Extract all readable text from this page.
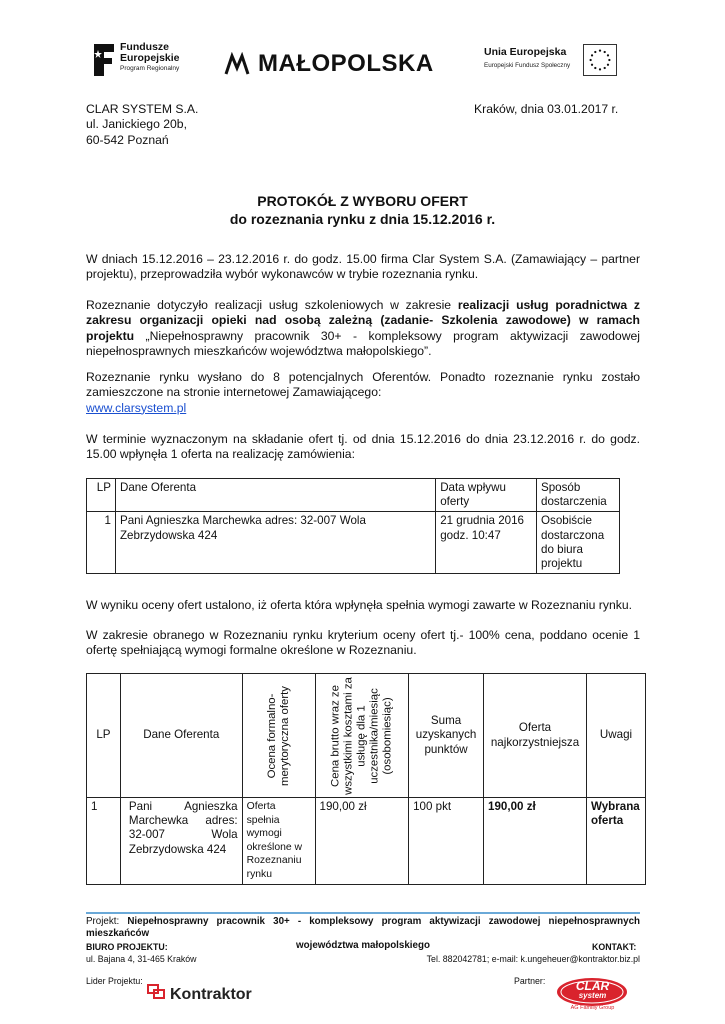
Fundusze
Europejskie
Program Regionalny	MAŁOPOLSKA	Unia Europejska
Europejski Fundusz Społeczny
CLAR SYSTEM S.A.
ul. Janickiego 20b,
60-542 Poznań
Kraków, dnia 03.01.2017 r.
PROTOKÓŁ Z WYBORU OFERT
do rozeznania rynku z dnia 15.12.2016 r.
W dniach 15.12.2016 – 23.12.2016 r. do godz. 15.00 firma Clar System S.A. (Zamawiający – partner projektu), przeprowadziła wybór wykonawców w trybie rozeznania rynku.
Rozeznanie dotyczyło realizacji usług szkoleniowych w zakresie realizacji usług poradnictwa z zakresu organizacji opieki nad osobą zależną (zadanie- Szkolenia zawodowe) w ramach projektu „Niepełnosprawny pracownik 30+ - kompleksowy program aktywizacji zawodowej niepełnosprawnych mieszkańców województwa małopolskiego”.
Rozeznanie rynku wysłano do 8 potencjalnych Oferentów. Ponadto rozeznanie rynku zostało zamieszczone na stronie internetowej Zamawiającego:
www.clarsystem.pl
W terminie wyznaczonym na składanie ofert tj. od dnia 15.12.2016 do dnia 23.12.2016 r. do godz. 15.00 wpłynęła 1 oferta na realizację zamówienia:
LP	Dane Oferenta	Data wpływu oferty	Sposób dostarczenia
1	Pani Agnieszka Marchewka adres: 32-007 Wola Zebrzydowska 424	21 grudnia 2016 godz. 10:47	Osobiście dostarczona do biura projektu
W wyniku oceny ofert ustalono, iż oferta która wpłynęła spełnia wymogi zawarte w Rozeznaniu rynku.
W zakresie obranego w Rozeznaniu rynku kryterium oceny ofert tj.- 100% cena, poddano ocenie 1 ofertę spełniającą wymogi formalne określone w Rozeznaniu.
LP	Dane Oferenta	Ocena formalno-merytoryczna oferty	Cena brutto wraz ze wszystkimi kosztami za usługę dla 1 uczestnika/miesiąc (osobomiesiąc)	Suma uzyskanych punktów	Oferta najkorzystniejsza	Uwagi
1	Pani Agnieszka Marchewka adres: 32-007 Wola Zebrzydowska 424	Oferta spełnia wymogi określone w Rozeznaniu rynku	190,00 zł	100 pkt	190,00 zł	Wybrana oferta
Projekt: Niepełnosprawny pracownik 30+ - kompleksowy program aktywizacji zawodowej niepełnosprawnych mieszkańców
województwa małopolskiego
BIURO PROJEKTU:
ul. Bajana 4, 31-465 Kraków
KONTAKT:
Tel. 882042781; e-mail: k.ungeheuer@kontraktor.biz.pl
Lider Projektu:	Partner:
Kontraktor	CLAR
system
AG Familiy Group
